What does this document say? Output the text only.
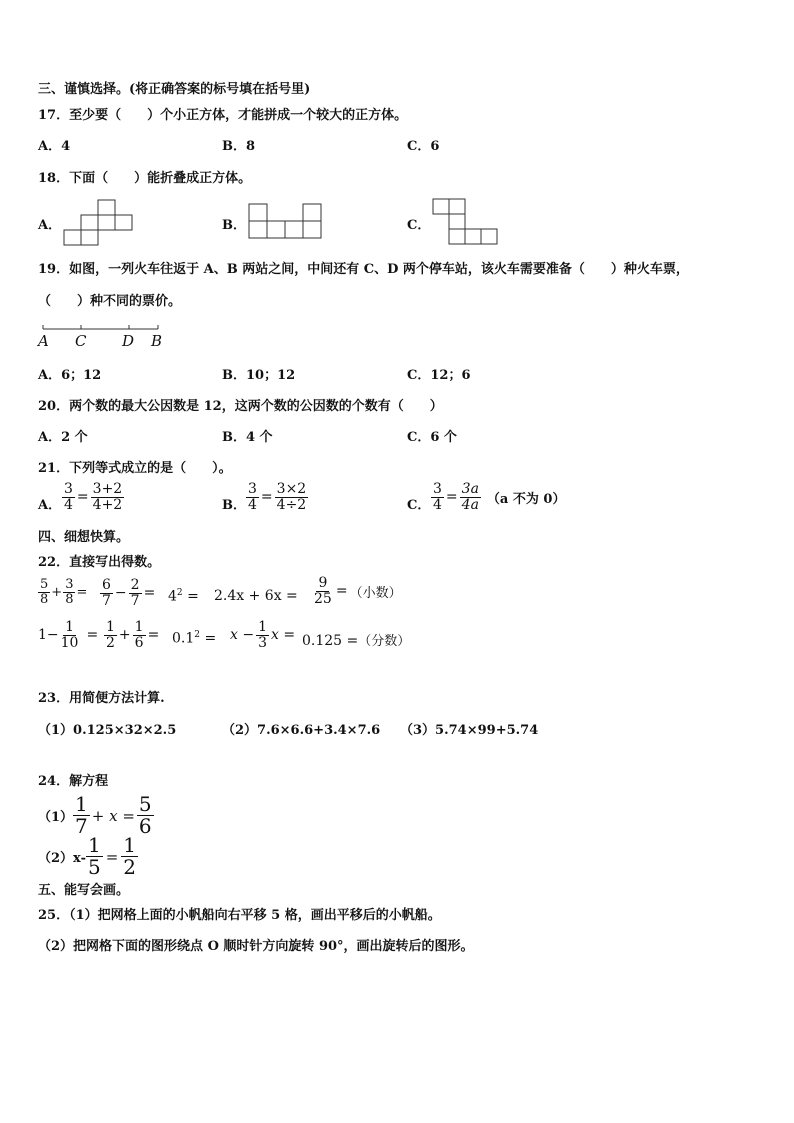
三、谨慎选择。(将正确答案的标号填在括号里)
17．至少要（　　）个小正方体，才能拼成一个较大的正方体。
A．4	B．8	C．6
18．下面（　　）能折叠成正方体。
A．	B．	C．
19．如图，一列火车往返于 A、B 两站之间，中间还有 C、D 两个停车站，该火车需要准备（　　）种火车票，
（　　）种不同的票价。
A C D B
A．6；12	B．10；12	C．12；6
20．两个数的最大公因数是 12，这两个数的公因数的个数有（　　）
A．2 个	B．4 个	C．6 个
21．下列等式成立的是（　　）。
A． $\frac{3}{4} = \frac{3+2}{4+2}$	B． $\frac{3}{4} = \frac{3\times 2}{4\div 2}$	C． $\frac{3}{4} = \frac{3a}{4a} (a$ 不为 0）
四、细想快算。
22．直接写出得数。
$\frac{5}{8} + \frac{3}{8} = \frac{6}{7} - \frac{2}{7} = 4^2 = 2.4x + 6x = \frac{9}{25}$ = （小数）
$1- \frac{1}{10} = \frac{1}{2} + \frac{1}{6} = 0.1^2 = x - \frac{1}{3}$ x = 0.125 =（分数）
23．用简便方法计算.
（1）0.125×32×2.5	（2）7.6×6.6+3.4×7.6 （3）5.74×99+5.74
24．解方程
$(1) \frac{1}{7} + x = \frac{5}{6}$
$(2)x- \frac{1}{5} = \frac{1}{2}$
五、能写会画。
25．（1）把网格上面的小帆船向右平移 5 格，画出平移后的小帆船。
（2）把网格下面的图形绕点 O 顺时针方向旋转 90°，画出旋转后的图形。
